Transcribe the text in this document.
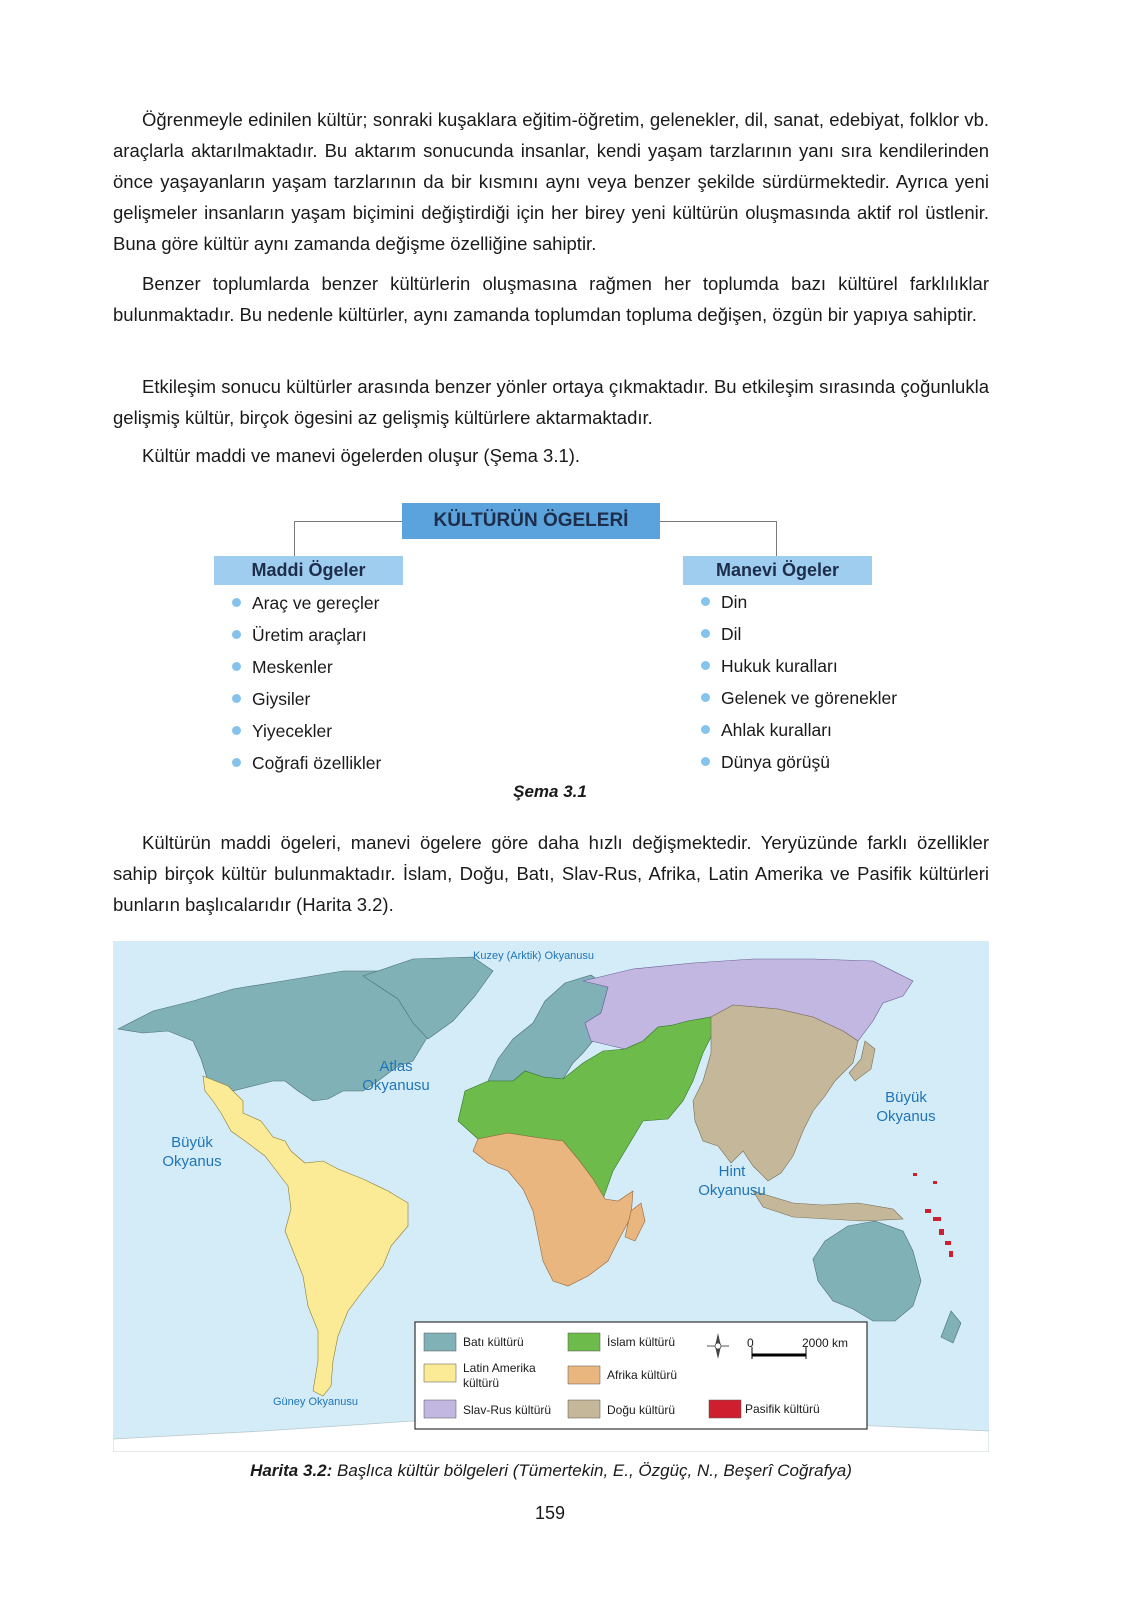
Öğrenmeyle edinilen kültür; sonraki kuşaklara eğitim-öğretim, gelenekler, dil, sanat, edebiyat, folklor vb. araçlarla aktarılmaktadır. Bu aktarım sonucunda insanlar, kendi yaşam tarzlarının yanı sıra kendilerinden önce yaşayanların yaşam tarzlarının da bir kısmını aynı veya benzer şekilde sürdürmektedir. Ayrıca yeni gelişmeler insanların yaşam biçimini değiştirdiği için her birey yeni kültürün oluşmasında aktif rol üstlenir. Buna göre kültür aynı zamanda değişme özelliğine sahiptir.

Benzer toplumlarda benzer kültürlerin oluşmasına rağmen her toplumda bazı kültürel farklılıklar bulunmaktadır. Bu nedenle kültürler, aynı zamanda toplumdan topluma değişen, özgün bir yapıya sahiptir.

Etkileşim sonucu kültürler arasında benzer yönler ortaya çıkmaktadır. Bu etkileşim sırasında çoğunlukla gelişmiş kültür, birçok ögesini az gelişmiş kültürlere aktarmaktadır.

Kültür maddi ve manevi ögelerden oluşur (Şema 3.1).

KÜLTÜRÜN ÖGELERİ
Maddi Ögeler	Manevi Ögeler
Araç ve gereçler
Üretim araçları
Meskenler
Giysiler
Yiyecekler
Coğrafi özellikler
Din
Dil
Hukuk kuralları
Gelenek ve görenekler
Ahlak kuralları
Dünya görüşü
Şema 3.1

Kültürün maddi ögeleri, manevi ögelere göre daha hızlı değişmektedir. Yeryüzünde farklı özellikler sahip birçok kültür bulunmaktadır. İslam, Doğu, Batı, Slav-Rus, Afrika, Latin Amerika ve Pasifik kültürleri bunların başlıcalarıdır (Harita 3.2).

Kuzey (Arktik) Okyanusu
Atlas
Okyanusu
Büyük
Okyanus
Büyük
Okyanus
Hint
Okyanusu
Güney Okyanusu
Batı kültürü
Latin Amerika
kültürü
Slav-Rus kültürü
İslam kültürü
Afrika kültürü
Doğu kültürü	Pasifik kültürü
0	2000 km
Harita 3.2: Başlıca kültür bölgeleri (Tümertekin, E., Özgüç, N., Beşerî Coğrafya)
159
